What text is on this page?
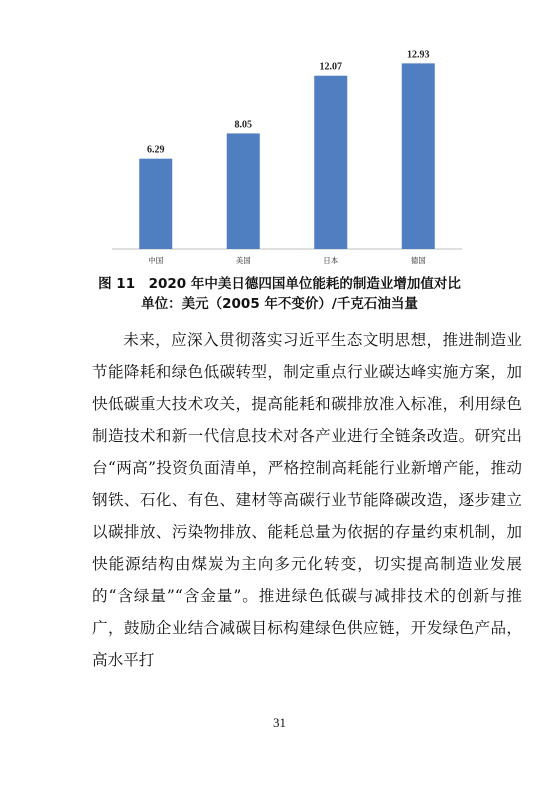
6.29
8.05
12.07
12.93
中国	美国	日本	德国
图 11　2020 年中美日德四国单位能耗的制造业增加值对比
单位：美元（2005 年不变价）/千克石油当量

未来，应深入贯彻落实习近平生态文明思想，推进制造业节能降耗和绿色低碳转型，制定重点行业碳达峰实施方案，加快低碳重大技术攻关，提高能耗和碳排放准入标准，利用绿色制造技术和新一代信息技术对各产业进行全链条改造。研究出台“两高”投资负面清单，严格控制高耗能行业新增产能，推动钢铁、石化、有色、建材等高碳行业节能降碳改造，逐步建立以碳排放、污染物排放、能耗总量为依据的存量约束机制，加快能源结构由煤炭为主向多元化转变，切实提高制造业发展的“含绿量”“含金量”。推进绿色低碳与减排技术的创新与推广，鼓励企业结合减碳目标构建绿色供应链，开发绿色产品，高水平打

31
